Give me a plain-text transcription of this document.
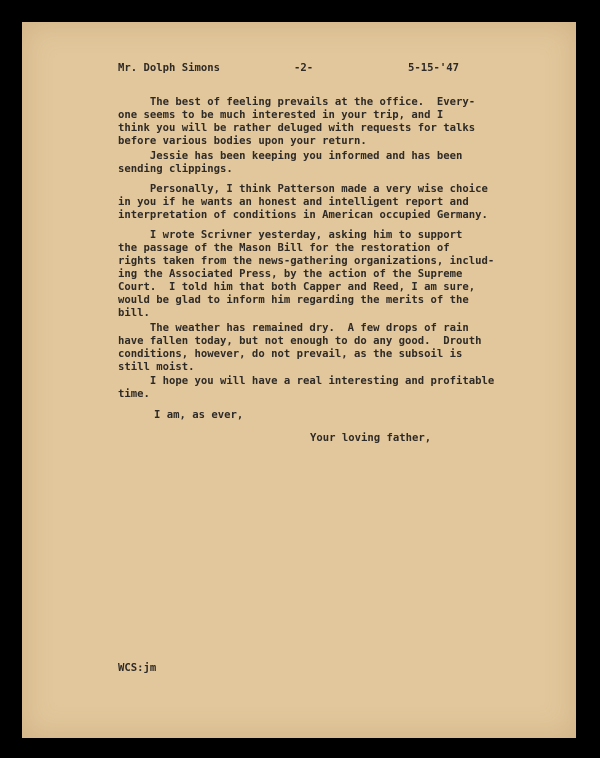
Mr. Dolph Simons	-2-	5-15-'47
The best of feeling prevails at the office.  Every-
one seems to be much interested in your trip, and I
think you will be rather deluged with requests for talks
before various bodies upon your return.
Jessie has been keeping you informed and has been
sending clippings.
Personally, I think Patterson made a very wise choice
in you if he wants an honest and intelligent report and
interpretation of conditions in American occupied Germany.
I wrote Scrivner yesterday, asking him to support
the passage of the Mason Bill for the restoration of
rights taken from the news-gathering organizations, includ-
ing the Associated Press, by the action of the Supreme
Court.  I told him that both Capper and Reed, I am sure,
would be glad to inform him regarding the merits of the
bill.
The weather has remained dry.  A few drops of rain
have fallen today, but not enough to do any good.  Drouth
conditions, however, do not prevail, as the subsoil is
still moist.
I hope you will have a real interesting and profitable
time.
I am, as ever,
Your loving father,
WCS:jm
